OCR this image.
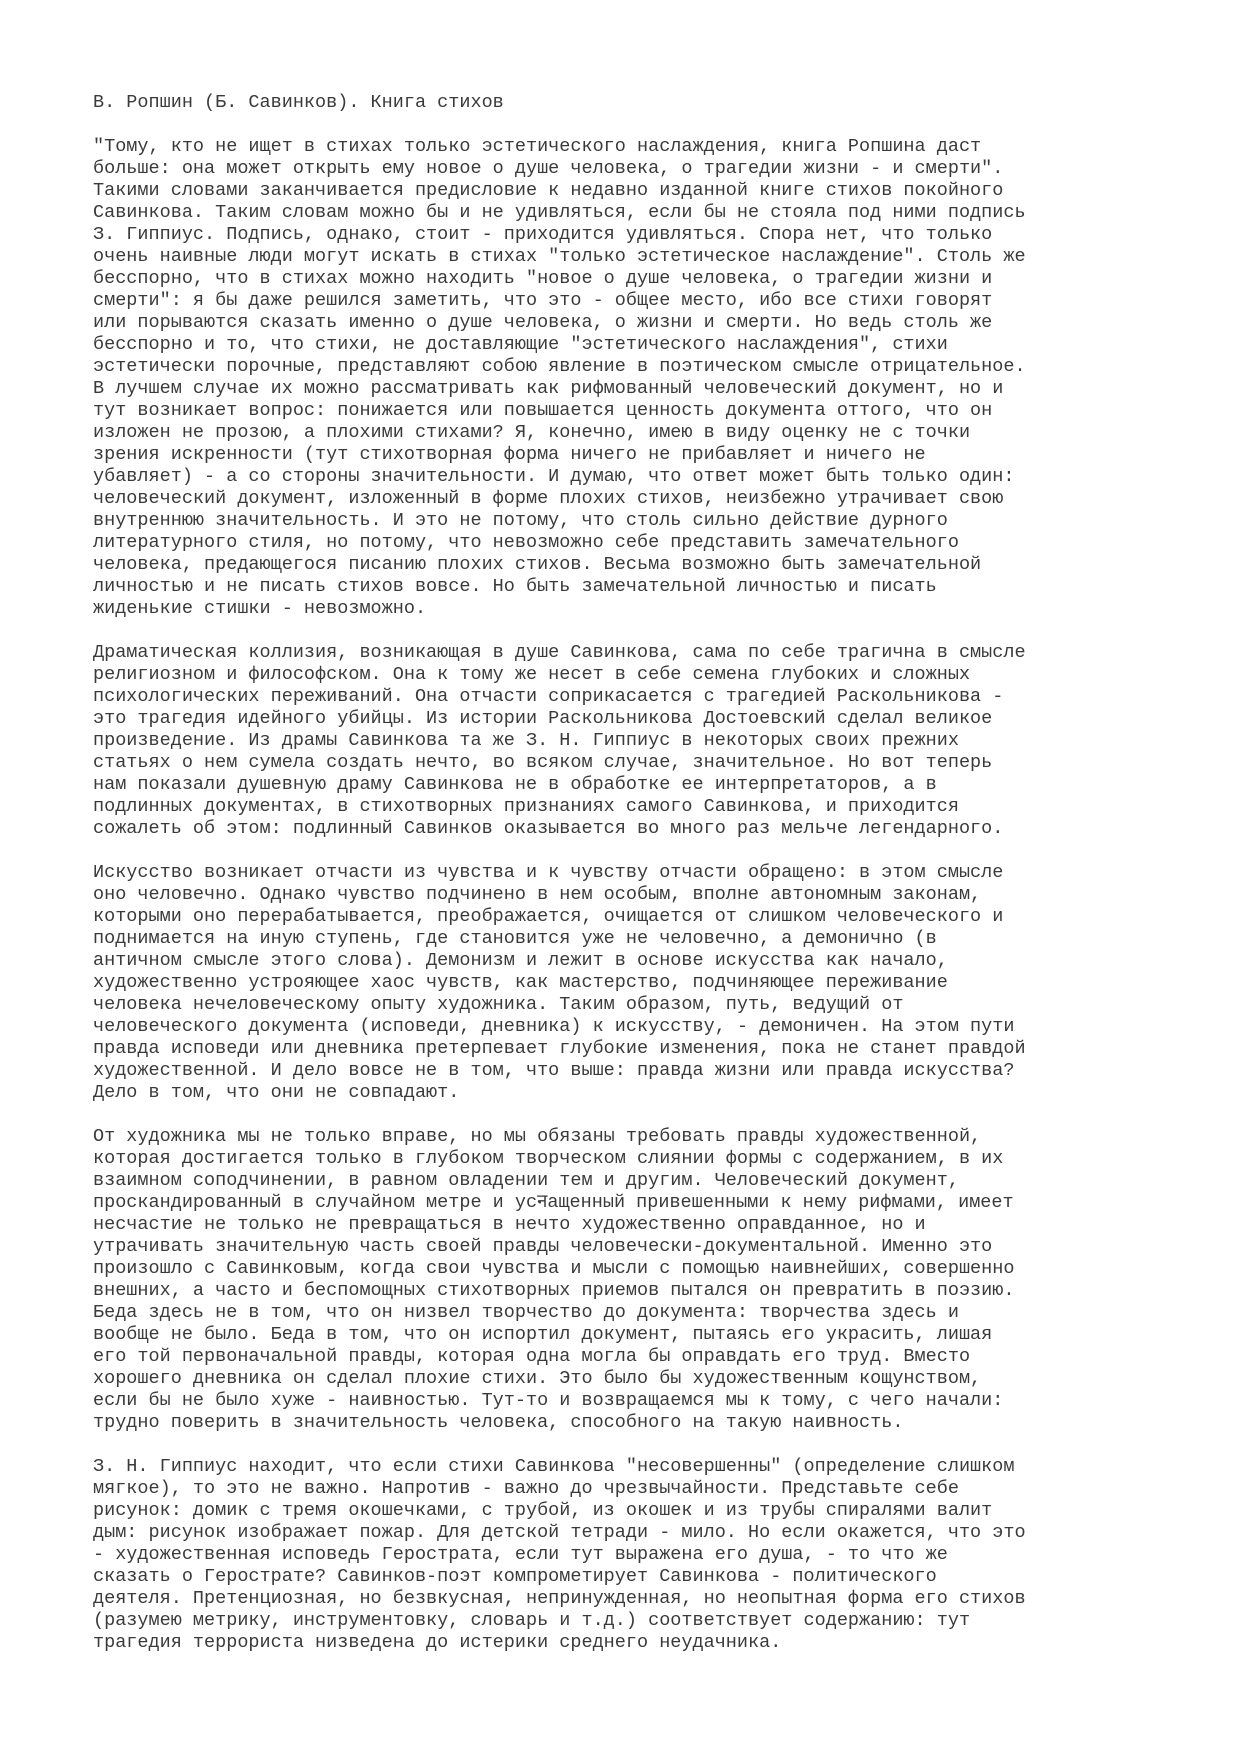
В. Ропшин (Б. Савинков). Книга стихов
"Тому, кто не ищет в стихах только эстетического наслаждения, книга Ропшина даст
больше: она может открыть ему новое о душе человека, о трагедии жизни - и смерти".
Такими словами заканчивается предисловие к недавно изданной книге стихов покойного
Савинкова. Таким словам можно бы и не удивляться, если бы не стояла под ними подпись
З. Гиппиус. Подпись, однако, стоит - приходится удивляться. Спора нет, что только
очень наивные люди могут искать в стихах "только эстетическое наслаждение". Столь же
бесспорно, что в стихах можно находить "новое о душе человека, о трагедии жизни и
смерти": я бы даже решился заметить, что это - общее место, ибо все стихи говорят
или порываются сказать именно о душе человека, о жизни и смерти. Но ведь столь же
бесспорно и то, что стихи, не доставляющие "эстетического наслаждения", стихи
эстетически порочные, представляют собою явление в поэтическом смысле отрицательное.
В лучшем случае их можно рассматривать как рифмованный человеческий документ, но и
тут возникает вопрос: понижается или повышается ценность документа оттого, что он
изложен не прозою, а плохими стихами? Я, конечно, имею в виду оценку не с точки
зрения искренности (тут стихотворная форма ничего не прибавляет и ничего не
убавляет) - а со стороны значительности. И думаю, что ответ может быть только один:
человеческий документ, изложенный в форме плохих стихов, неизбежно утрачивает свою
внутреннюю значительность. И это не потому, что столь сильно действие дурного
литературного стиля, но потому, что невозможно себе представить замечательного
человека, предающегося писанию плохих стихов. Весьма возможно быть замечательной
личностью и не писать стихов вовсе. Но быть замечательной личностью и писать
жиденькие стишки - невозможно.
Драматическая коллизия, возникающая в душе Савинкова, сама по себе трагична в смысле
религиозном и философском. Она к тому же несет в себе семена глубоких и сложных
психологических переживаний. Она отчасти соприкасается с трагедией Раскольникова -
это трагедия идейного убийцы. Из истории Раскольникова Достоевский сделал великое
произведение. Из драмы Савинкова та же З. Н. Гиппиус в некоторых своих прежних
статьях о нем сумела создать нечто, во всяком случае, значительное. Но вот теперь
нам показали душевную драму Савинкова не в обработке ее интерпретаторов, а в
подлинных документах, в стихотворных признаниях самого Савинкова, и приходится
сожалеть об этом: подлинный Савинков оказывается во много раз мельче легендарного.
Искусство возникает отчасти из чувства и к чувству отчасти обращено: в этом смысле
оно человечно. Однако чувство подчинено в нем особым, вполне автономным законам,
которыми оно перерабатывается, преображается, очищается от слишком человеческого и
поднимается на иную ступень, где становится уже не человечно, а демонично (в
античном смысле этого слова). Демонизм и лежит в основе искусства как начало,
художественно устрояющее хаос чувств, как мастерство, подчиняющее переживание
человека нечеловеческому опыту художника. Таким образом, путь, ведущий от
человеческого документа (исповеди, дневника) к искусству, - демоничен. На этом пути
правда исповеди или дневника претерпевает глубокие изменения, пока не станет правдой
художественной. И дело вовсе не в том, что выше: правда жизни или правда искусства?
Дело в том, что они не совпадают.
От художника мы не только вправе, но мы обязаны требовать правды художественной,
которая достигается только в глубоком творческом слиянии формы с содержанием, в их
взаимном соподчинении, в равном овладении тем и другим. Человеческий документ,
проскандированный в случайном метре и усनащенный привешенными к нему рифмами, имеет
несчастие не только не превращаться в нечто художественно оправданное, но и
утрачивать значительную часть своей правды человечески-документальной. Именно это
произошло с Савинковым, когда свои чувства и мысли с помощью наивнейших, совершенно
внешних, а часто и беспомощных стихотворных приемов пытался он превратить в поэзию.
Беда здесь не в том, что он низвел творчество до документа: творчества здесь и
вообще не было. Беда в том, что он испортил документ, пытаясь его украсить, лишая
его той первоначальной правды, которая одна могла бы оправдать его труд. Вместо
хорошего дневника он сделал плохие стихи. Это было бы художественным кощунством,
если бы не было хуже - наивностью. Тут-то и возвращаемся мы к тому, с чего начали:
трудно поверить в значительность человека, способного на такую наивность.
З. Н. Гиппиус находит, что если стихи Савинкова "несовершенны" (определение слишком
мягкое), то это не важно. Напротив - важно до чрезвычайности. Представьте себе
рисунок: домик с тремя окошечками, с трубой, из окошек и из трубы спиралями валит
дым: рисунок изображает пожар. Для детской тетради - мило. Но если окажется, что это
- художественная исповедь Герострата, если тут выражена его душа, - то что же
сказать о Герострате? Савинков-поэт компрометирует Савинкова - политического
деятеля. Претенциозная, но безвкусная, непринужденная, но неопытная форма его стихов
(разумею метрику, инструментовку, словарь и т.д.) соответствует содержанию: тут
трагедия террориста низведена до истерики среднего неудачника.
